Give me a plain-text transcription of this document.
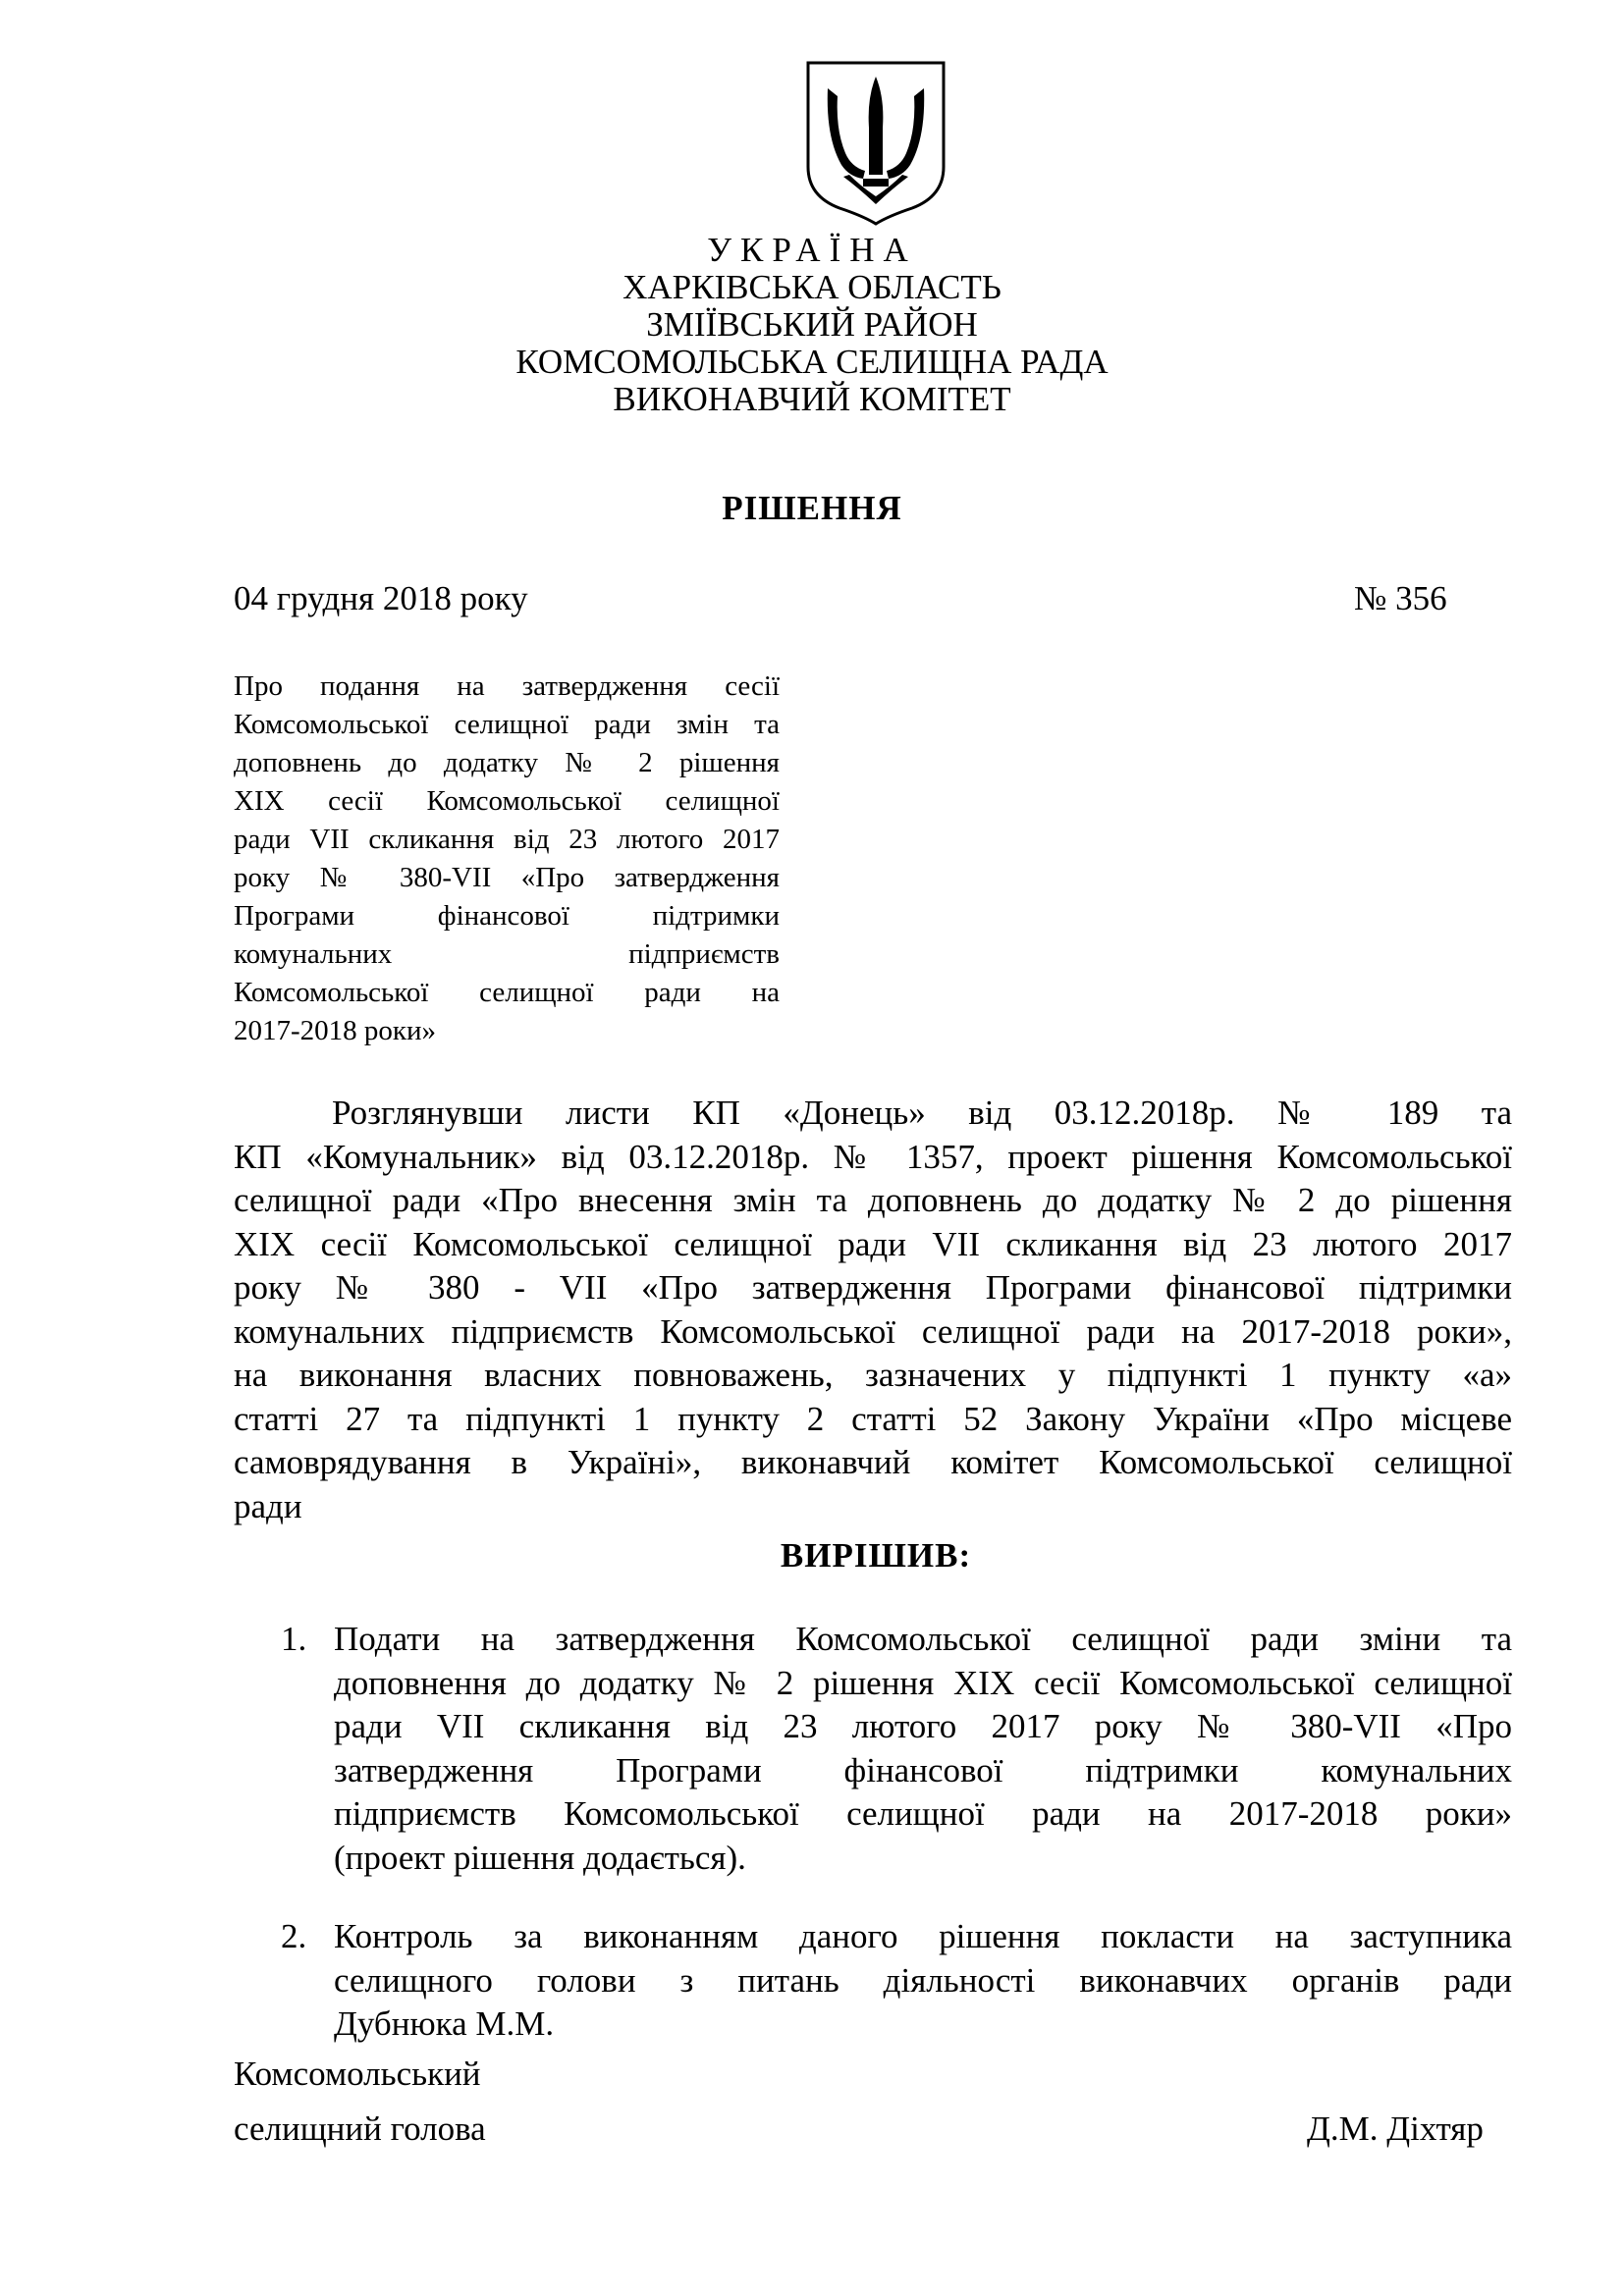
УКРАЇНА
ХАРКІВСЬКА ОБЛАСТЬ
ЗМІЇВСЬКИЙ РАЙОН
КОМСОМОЛЬСЬКА СЕЛИЩНА РАДА
ВИКОНАВЧИЙ КОМІТЕТ
РІШЕННЯ
04 грудня 2018 року	№ 356
Про подання на затвердження сесії
Комсомольської селищної ради змін та
доповнень до додатку № 2 рішення
XIX сесії Комсомольської селищної
ради VII скликання від 23 лютого 2017
року № 380-VII «Про затвердження
Програми фінансової підтримки
комунальних підприємств
Комсомольської селищної ради на
2017-2018 роки»
Розглянувши листи КП «Донець» від 03.12.2018р. № 189 та
КП «Комунальник» від 03.12.2018р. № 1357, проект рішення Комсомольської
селищної ради «Про внесення змін та доповнень до додатку № 2 до рішення
XIX сесії Комсомольської селищної ради VII скликання від 23 лютого 2017
року № 380 - VII «Про затвердження Програми фінансової підтримки
комунальних підприємств Комсомольської селищної ради на 2017-2018 роки»,
на виконання власних повноважень, зазначених у підпункті 1 пункту «а»
статті 27 та підпункті 1 пункту 2 статті 52 Закону України «Про місцеве
самоврядування в Україні», виконавчий комітет Комсомольської селищної
ради
ВИРІШИВ:
1. Подати на затвердження Комсомольської селищної ради зміни та
доповнення до додатку № 2 рішення XIX сесії Комсомольської селищної
ради VII скликання від 23 лютого 2017 року № 380-VII «Про
затвердження Програми фінансової підтримки комунальних
підприємств Комсомольської селищної ради на 2017-2018 роки»
(проект рішення додається).
2. Контроль за виконанням даного рішення покласти на заступника
селищного голови з питань діяльності виконавчих органів ради
Дубнюка М.М.
Комсомольський
селищний голова	Д.М. Діхтяр
